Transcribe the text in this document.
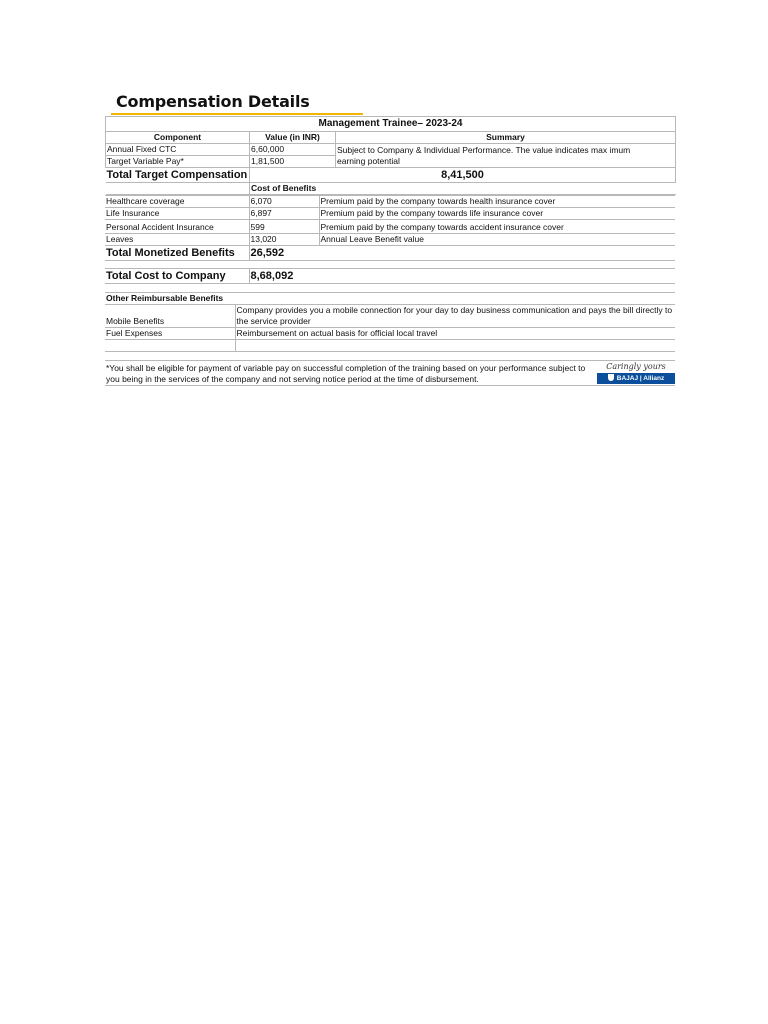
Compensation Details
Management Trainee– 2023-24		
Component	Value (in INR)	Summary
Annual Fixed CTC	6,60,000	Subject to Company & Individual Performance. The value indicates max imum
Target Variable Pay*	1,81,500	earning potential
Total Target Compensation	8,41,500	
	Cost of Benefits	
Healthcare coverage	6,070	Premium paid by the company towards health insurance cover
Life Insurance	6,897	Premium paid by the company towards life insurance cover
Personal Accident Insurance	599	Premium paid by the company towards accident insurance cover
Leaves	13,020	Annual Leave Benefit value
Total Monetized Benefits	26,592	

Total Cost to Company	8,68,092	
Other Reimbursable Benefits	
Mobile Benefits	Company provides you a mobile connection for your day to day business communication and pays the bill directly to the service provider
Fuel Expenses	Reimbursement on actual basis for official local travel

*You shall be eligible for payment of variable pay on successful completion of the training based on your performance subject to you being in the services of the company and not serving notice period at the time of disbursement.
Caringly yours
BAJAJ | Allianz
